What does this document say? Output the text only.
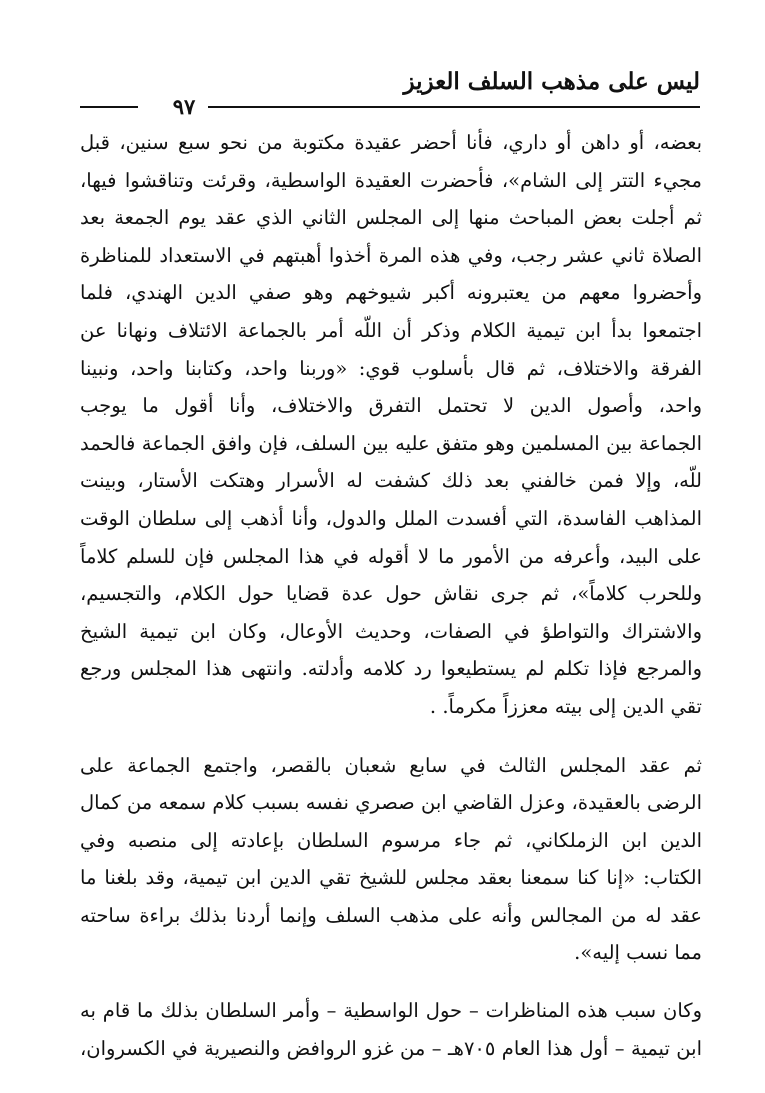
ليس على مذهب السلف العزيز
٩٧
بعضه، أو داهن أو داري، فأنا أحضر عقيدة مكتوبة من نحو سبع سنين، قبل
مجيء التتر إلى الشام»، فأحضرت العقيدة الواسطية، وقرئت وتناقشوا فيها،
ثم أجلت بعض المباحث منها إلى المجلس الثاني الذي عقد يوم الجمعة بعد
الصلاة ثاني عشر رجب، وفي هذه المرة أخذوا أهبتهم في الاستعداد للمناظرة
وأحضروا معهم من يعتبرونه أكبر شيوخهم وهو صفي الدين الهندي، فلما
اجتمعوا بدأ ابن تيمية الكلام وذكر أن اللّه أمر بالجماعة الائتلاف ونهانا عن
الفرقة والاختلاف، ثم قال بأسلوب قوي: «وربنا واحد، وكتابنا واحد، ونبينا
واحد، وأصول الدين لا تحتمل التفرق والاختلاف، وأنا أقول ما يوجب
الجماعة بين المسلمين وهو متفق عليه بين السلف، فإن وافق الجماعة فالحمد
للّه، وإلا فمن خالفني بعد ذلك كشفت له الأسرار وهتكت الأستار، وبينت
المذاهب الفاسدة، التي أفسدت الملل والدول، وأنا أذهب إلى سلطان الوقت
على البيد، وأعرفه من الأمور ما لا أقوله في هذا المجلس فإن للسلم كلاماً
وللحرب كلاماً»، ثم جرى نقاش حول عدة قضايا حول الكلام، والتجسيم،
والاشتراك والتواطؤ في الصفات، وحديث الأوعال، وكان ابن تيمية الشيخ
والمرجع فإذا تكلم لم يستطيعوا رد كلامه وأدلته. وانتهى هذا المجلس ورجع
تقي الدين إلى بيته معززاً مكرماً. .
ثم عقد المجلس الثالث في سابع شعبان بالقصر، واجتمع الجماعة على
الرضى بالعقيدة، وعزل القاضي ابن صصري نفسه بسبب كلام سمعه من كمال
الدين ابن الزملكاني، ثم جاء مرسوم السلطان بإعادته إلى منصبه وفي
الكتاب: «إنا كنا سمعنا بعقد مجلس للشيخ تقي الدين ابن تيمية، وقد بلغنا ما
عقد له من المجالس وأنه على مذهب السلف وإنما أردنا بذلك براءة ساحته
مما نسب إليه».
وكان سبب هذه المناظرات – حول الواسطية – وأمر السلطان بذلك ما قام به
ابن تيمية – أول هذا العام ٧٠٥هـ – من غزو الروافض والنصيرية في الكسروان،
